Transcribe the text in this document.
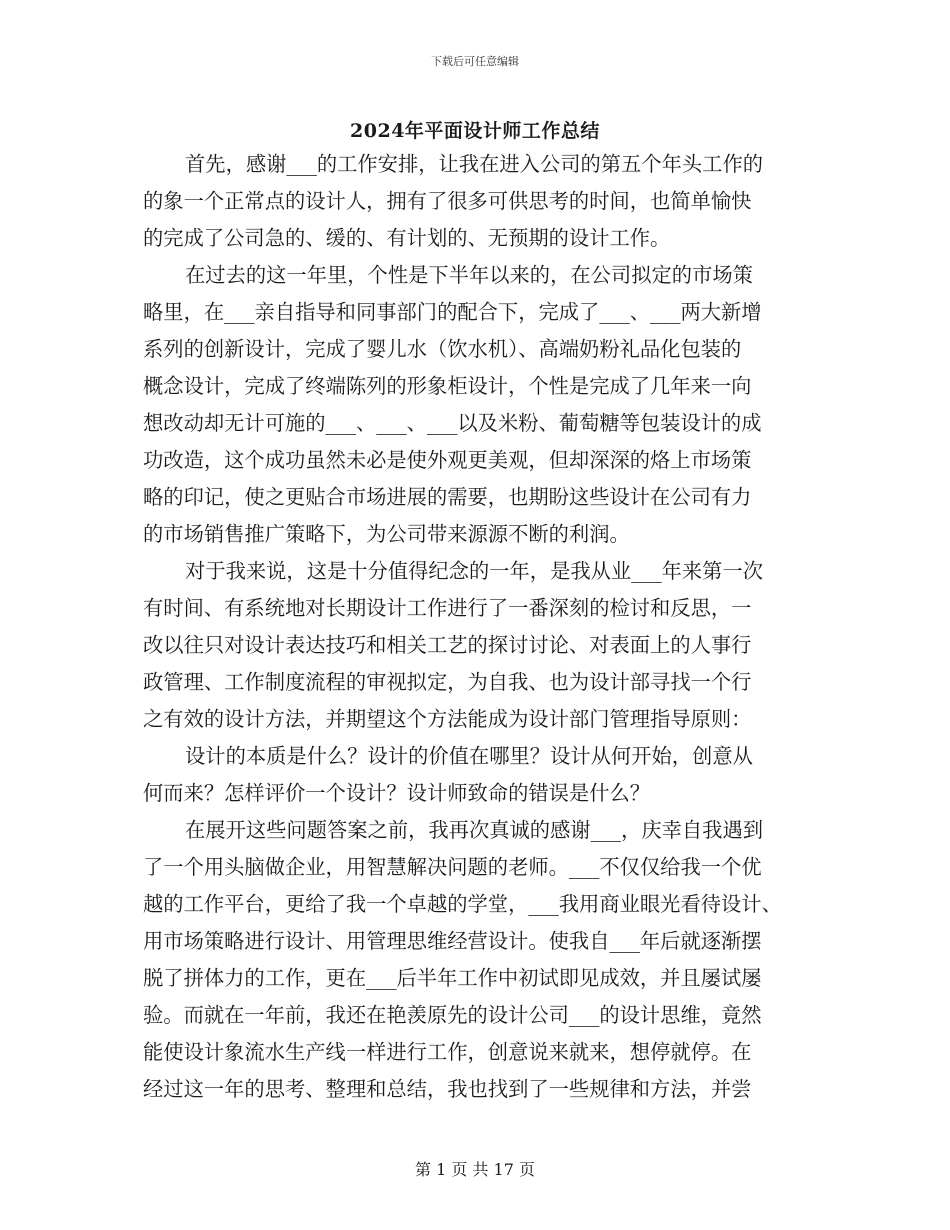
下载后可任意编辑
2024年平面设计师工作总结
首先，感谢___的工作安排，让我在进入公司的第五个年头工作的
的象一个正常点的设计人，拥有了很多可供思考的时间，也简单愉快
的完成了公司急的、缓的、有计划的、无预期的设计工作。
在过去的这一年里，个性是下半年以来的，在公司拟定的市场策
略里，在___亲自指导和同事部门的配合下，完成了___、___两大新增
系列的创新设计，完成了婴儿水（饮水机）、高端奶粉礼品化包装的
概念设计，完成了终端陈列的形象柜设计，个性是完成了几年来一向
想改动却无计可施的___、___、___以及米粉、葡萄糖等包装设计的成
功改造，这个成功虽然未必是使外观更美观，但却深深的烙上市场策
略的印记，使之更贴合市场进展的需要，也期盼这些设计在公司有力
的市场销售推广策略下，为公司带来源源不断的利润。
对于我来说，这是十分值得纪念的一年，是我从业___年来第一次
有时间、有系统地对长期设计工作进行了一番深刻的检讨和反思，一
改以往只对设计表达技巧和相关工艺的探讨讨论、对表面上的人事行
政管理、工作制度流程的审视拟定，为自我、也为设计部寻找一个行
之有效的设计方法，并期望这个方法能成为设计部门管理指导原则：
设计的本质是什么？设计的价值在哪里？设计从何开始，创意从
何而来？怎样评价一个设计？设计师致命的错误是什么？
在展开这些问题答案之前，我再次真诚的感谢___，庆幸自我遇到
了一个用头脑做企业，用智慧解决问题的老师。___不仅仅给我一个优
越的工作平台，更给了我一个卓越的学堂，___我用商业眼光看待设计、
用市场策略进行设计、用管理思维经营设计。使我自___年后就逐渐摆
脱了拼体力的工作，更在___后半年工作中初试即见成效，并且屡试屡
验。而就在一年前，我还在艳羡原先的设计公司___的设计思维，竟然
能使设计象流水生产线一样进行工作，创意说来就来，想停就停。在
经过这一年的思考、整理和总结，我也找到了一些规律和方法，并尝
第 1 页 共 17 页
